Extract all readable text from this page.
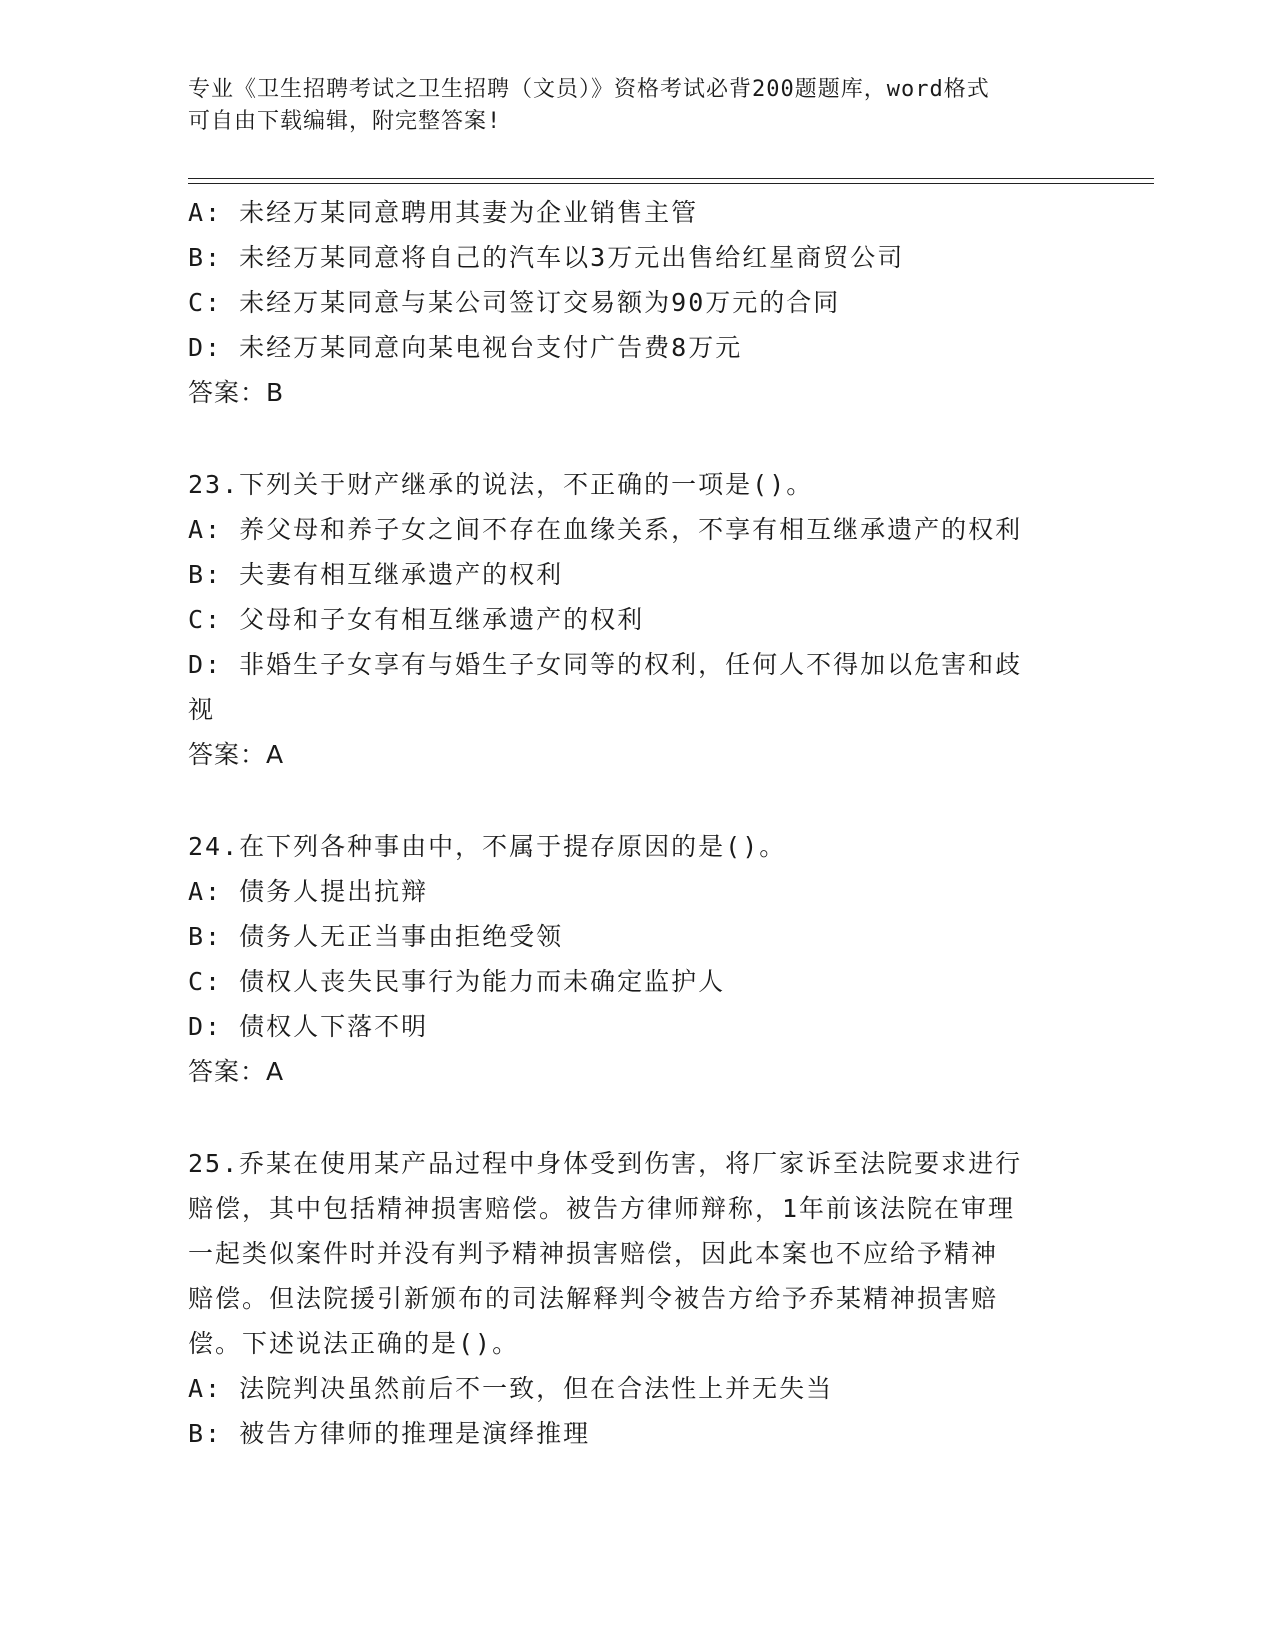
专业《卫生招聘考试之卫生招聘（文员）》资格考试必背200题题库，word格式
可自由下载编辑，附完整答案!
A: 未经万某同意聘用其妻为企业销售主管
B: 未经万某同意将自己的汽车以3万元出售给红星商贸公司
C: 未经万某同意与某公司签订交易额为90万元的合同
D: 未经万某同意向某电视台支付广告费8万元
答案：B
23.下列关于财产继承的说法，不正确的一项是()。
A: 养父母和养子女之间不存在血缘关系，不享有相互继承遗产的权利
B: 夫妻有相互继承遗产的权利
C: 父母和子女有相互继承遗产的权利
D: 非婚生子女享有与婚生子女同等的权利，任何人不得加以危害和歧
视
答案：A
24.在下列各种事由中，不属于提存原因的是()。
A: 债务人提出抗辩
B: 债务人无正当事由拒绝受领
C: 债权人丧失民事行为能力而未确定监护人
D: 债权人下落不明
答案：A
25.乔某在使用某产品过程中身体受到伤害，将厂家诉至法院要求进行
赔偿，其中包括精神损害赔偿。被告方律师辩称，1年前该法院在审理
一起类似案件时并没有判予精神损害赔偿，因此本案也不应给予精神
赔偿。但法院援引新颁布的司法解释判令被告方给予乔某精神损害赔
偿。下述说法正确的是()。
A: 法院判决虽然前后不一致，但在合法性上并无失当
B: 被告方律师的推理是演绎推理
